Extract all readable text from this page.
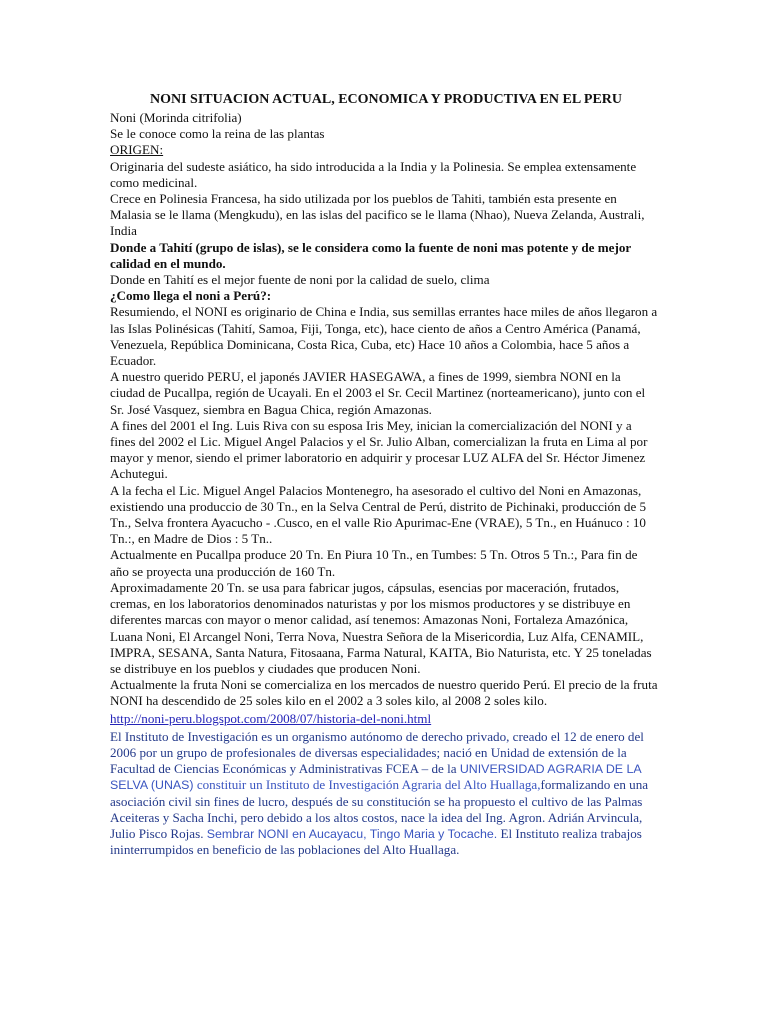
NONI SITUACION ACTUAL, ECONOMICA Y PRODUCTIVA EN EL PERU
Noni (Morinda citrifolia)
Se le conoce como la reina de las plantas
ORIGEN:
Originaria del sudeste asiático, ha sido introducida a la India y la Polinesia. Se emplea extensamente como medicinal.
Crece en Polinesia Francesa, ha sido utilizada por los pueblos de Tahiti, también esta presente en Malasia se le llama (Mengkudu), en las islas del pacifico se le llama (Nhao), Nueva Zelanda, Australi, India
Donde a Tahití (grupo de islas), se le considera como la fuente de noni mas potente y de mejor calidad en el mundo.
Donde en Tahití es el mejor fuente de noni por la calidad de suelo, clima
¿Como llega el noni a Perú?:
Resumiendo, el NONI es originario de China e India, sus semillas errantes hace miles de años llegaron a las Islas Polinésicas (Tahití, Samoa, Fiji, Tonga, etc), hace ciento de años a Centro América (Panamá, Venezuela, República Dominicana, Costa Rica, Cuba, etc) Hace 10 años a Colombia, hace 5 años a Ecuador.
A nuestro querido PERU, el japonés JAVIER HASEGAWA, a fines de 1999, siembra NONI en la ciudad de Pucallpa, región de Ucayali. En el 2003 el Sr. Cecil Martinez (norteamericano), junto con el Sr. José Vasquez, siembra en Bagua Chica, región Amazonas.
A fines del 2001 el Ing. Luis Riva con su esposa Iris Mey, inician la comercialización del NONI y a fines del 2002 el Lic. Miguel Angel Palacios y el Sr. Julio Alban, comercializan la fruta en Lima al por mayor y menor, siendo el primer laboratorio en adquirir y procesar LUZ ALFA del Sr. Héctor Jimenez Achutegui.
A la fecha el Lic. Miguel Angel Palacios Montenegro, ha asesorado el cultivo del Noni en Amazonas, existiendo una produccio de 30 Tn., en la Selva Central de Perú, distrito de Pichinaki, producción de 5 Tn., Selva frontera Ayacucho - .Cusco, en el valle Rio Apurimac-Ene (VRAE), 5 Tn., en Huánuco : 10 Tn.:, en Madre de Dios : 5 Tn..
Actualmente en Pucallpa produce 20 Tn. En Piura 10 Tn., en Tumbes: 5 Tn. Otros 5 Tn.:, Para fin de año se proyecta una producción de 160 Tn.
Aproximadamente 20 Tn. se usa para fabricar jugos, cápsulas, esencias por maceración, frutados, cremas, en los laboratorios denominados naturistas y por los mismos productores y se distribuye en diferentes marcas con mayor o menor calidad, así tenemos: Amazonas Noni, Fortaleza Amazónica, Luana Noni, El Arcangel Noni, Terra Nova, Nuestra Señora de la Misericordia, Luz Alfa, CENAMIL, IMPRA, SESANA, Santa Natura, Fitosaana, Farma Natural, KAITA, Bio Naturista, etc. Y 25 toneladas se distribuye en los pueblos y ciudades que producen Noni.
Actualmente la fruta Noni se comercializa en los mercados de nuestro querido Perú. El precio de la fruta NONI ha descendido de 25 soles kilo en el 2002 a 3 soles kilo, al 2008 2 soles kilo.
http://noni-peru.blogspot.com/2008/07/historia-del-noni.html
El Instituto de Investigación es un organismo autónomo de derecho privado, creado el 12 de enero del 2006 por un grupo de profesionales de diversas especialidades; nació en Unidad de extensión de la Facultad de Ciencias Económicas y Administrativas FCEA – de la UNIVERSIDAD AGRARIA DE LA SELVA (UNAS) constituir un Instituto de Investigación Agraria del Alto Huallaga,formalizando en una asociación civil sin fines de lucro, después de su constitución se ha propuesto el cultivo de las Palmas Aceiteras y Sacha Inchi, pero debido a los altos costos, nace la idea del Ing. Agron. Adrián Arvincula, Julio Pisco Rojas. Sembrar NONI en Aucayacu, Tingo Maria y Tocache. El Instituto realiza trabajos ininterrumpidos en beneficio de las poblaciones del Alto Huallaga.
